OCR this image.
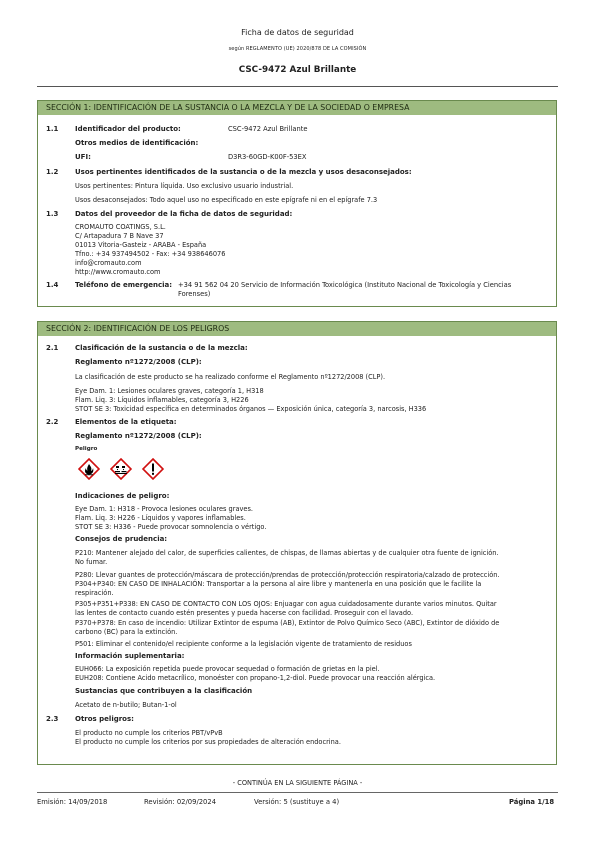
Ficha de datos de seguridad
según REGLAMENTO (UE) 2020/878 DE LA COMISIÓN
CSC-9472 Azul Brillante
SECCIÓN 1: IDENTIFICACIÓN DE LA SUSTANCIA O LA MEZCLA Y DE LA SOCIEDAD O EMPRESA
1.1 Identificador del producto:	CSC-9472 Azul Brillante
Otros medios de identificación:
UFI:	D3R3-60GD-K00F-53EX
1.2 Usos pertinentes identificados de la sustancia o de la mezcla y usos desaconsejados:
Usos pertinentes: Pintura líquida. Uso exclusivo usuario industrial.
Usos desaconsejados: Todo aquel uso no especificado en este epígrafe ni en el epígrafe 7.3
1.3 Datos del proveedor de la ficha de datos de seguridad:
CROMAUTO COATINGS, S.L.
C/ Artapadura 7 B Nave 37
01013 Vitoria-Gasteiz - ARABA - España
Tfno.: +34 937494502 - Fax: +34 938646076
info@cromauto.com
http://www.cromauto.com
1.4 Teléfono de emergencia: +34 91 562 04 20 Servicio de Información Toxicológica (Instituto Nacional de Toxicología y Ciencias Forenses)
SECCIÓN 2: IDENTIFICACIÓN DE LOS PELIGROS
2.1 Clasificación de la sustancia o de la mezcla:
Reglamento nº1272/2008 (CLP):
La clasificación de este producto se ha realizado conforme el Reglamento nº1272/2008 (CLP).
Eye Dam. 1: Lesiones oculares graves, categoría 1, H318
Flam. Liq. 3: Líquidos inflamables, categoría 3, H226
STOT SE 3: Toxicidad específica en determinados órganos — Exposición única, categoría 3, narcosis, H336
2.2 Elementos de la etiqueta:
Reglamento nº1272/2008 (CLP):
Peligro
Indicaciones de peligro:
Eye Dam. 1: H318 - Provoca lesiones oculares graves.
Flam. Liq. 3: H226 - Líquidos y vapores inflamables.
STOT SE 3: H336 - Puede provocar somnolencia o vértigo.
Consejos de prudencia:
P210: Mantener alejado del calor, de superficies calientes, de chispas, de llamas abiertas y de cualquier otra fuente de ignición.
No fumar.
P280: Llevar guantes de protección/máscara de protección/prendas de protección/protección respiratoria/calzado de protección.
P304+P340: EN CASO DE INHALACIÓN: Transportar a la persona al aire libre y mantenerla en una posición que le facilite la
respiración.
P305+P351+P338: EN CASO DE CONTACTO CON LOS OJOS: Enjuagar con agua cuidadosamente durante varios minutos. Quitar
las lentes de contacto cuando estén presentes y pueda hacerse con facilidad. Proseguir con el lavado.
P370+P378: En caso de incendio: Utilizar Extintor de espuma (AB), Extintor de Polvo Químico Seco (ABC), Extintor de dióxido de
carbono (BC) para la extinción.
P501: Eliminar el contenido/el recipiente conforme a la legislación vigente de tratamiento de residuos
Información suplementaria:
EUH066: La exposición repetida puede provocar sequedad o formación de grietas en la piel.
EUH208: Contiene Acido metacrílico, monoéster con propano-1,2-diol. Puede provocar una reacción alérgica.
Sustancias que contribuyen a la clasificación
Acetato de n-butilo; Butan-1-ol
2.3 Otros peligros:
El producto no cumple los criterios PBT/vPvB
El producto no cumple los criterios por sus propiedades de alteración endocrina.
- CONTINÚA EN LA SIGUIENTE PÁGINA -
Emisión: 14/09/2018	Revisión: 02/09/2024	Versión: 5 (sustituye a 4)	Página 1/18
